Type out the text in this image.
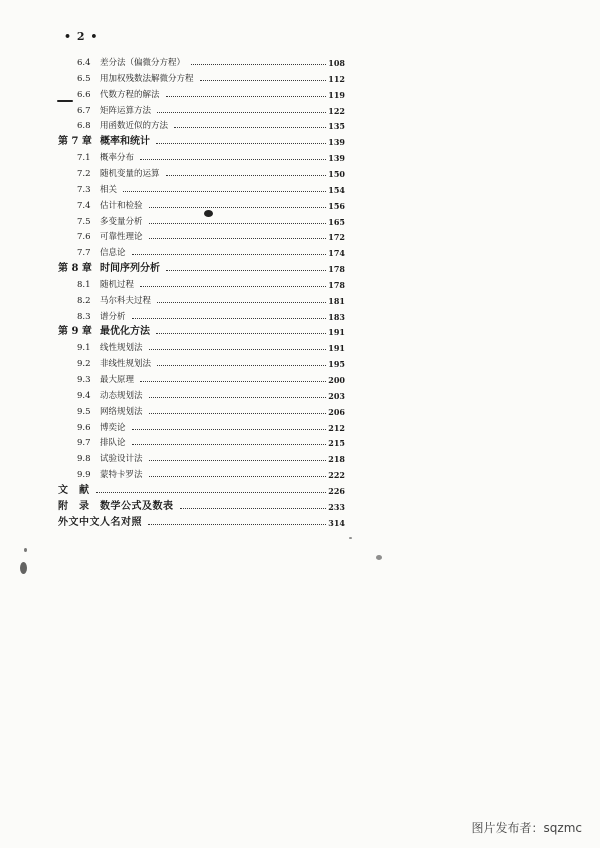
• 2 •
6.4 差分法（偏微分方程）	108
6.5 用加权残数法解微分方程	112
6.6 代数方程的解法	119
6.7 矩阵运算方法	122
6.8 用函数近似的方法	135
第 7 章 概率和统计	139
7.1 概率分布	139
7.2 随机变量的运算	150
7.3 相关	154
7.4 估计和检验	156
7.5 多变量分析	165
7.6 可靠性理论	172
7.7 信息论	174
第 8 章 时间序列分析	178
8.1 随机过程	178
8.2 马尔科夫过程	181
8.3 谱分析	183
第 9 章 最优化方法	191
9.1 线性规划法	191
9.2 非线性规划法	195
9.3 最大原理	200
9.4 动态规划法	203
9.5 网络规划法	206
9.6 博奕论	212
9.7 排队论	215
9.8 试验设计法	218
9.9 蒙特卡罗法	222
文　献	226
附　录　数学公式及数表	233
外文中文人名对照	314
图片发布者：sqzmc
